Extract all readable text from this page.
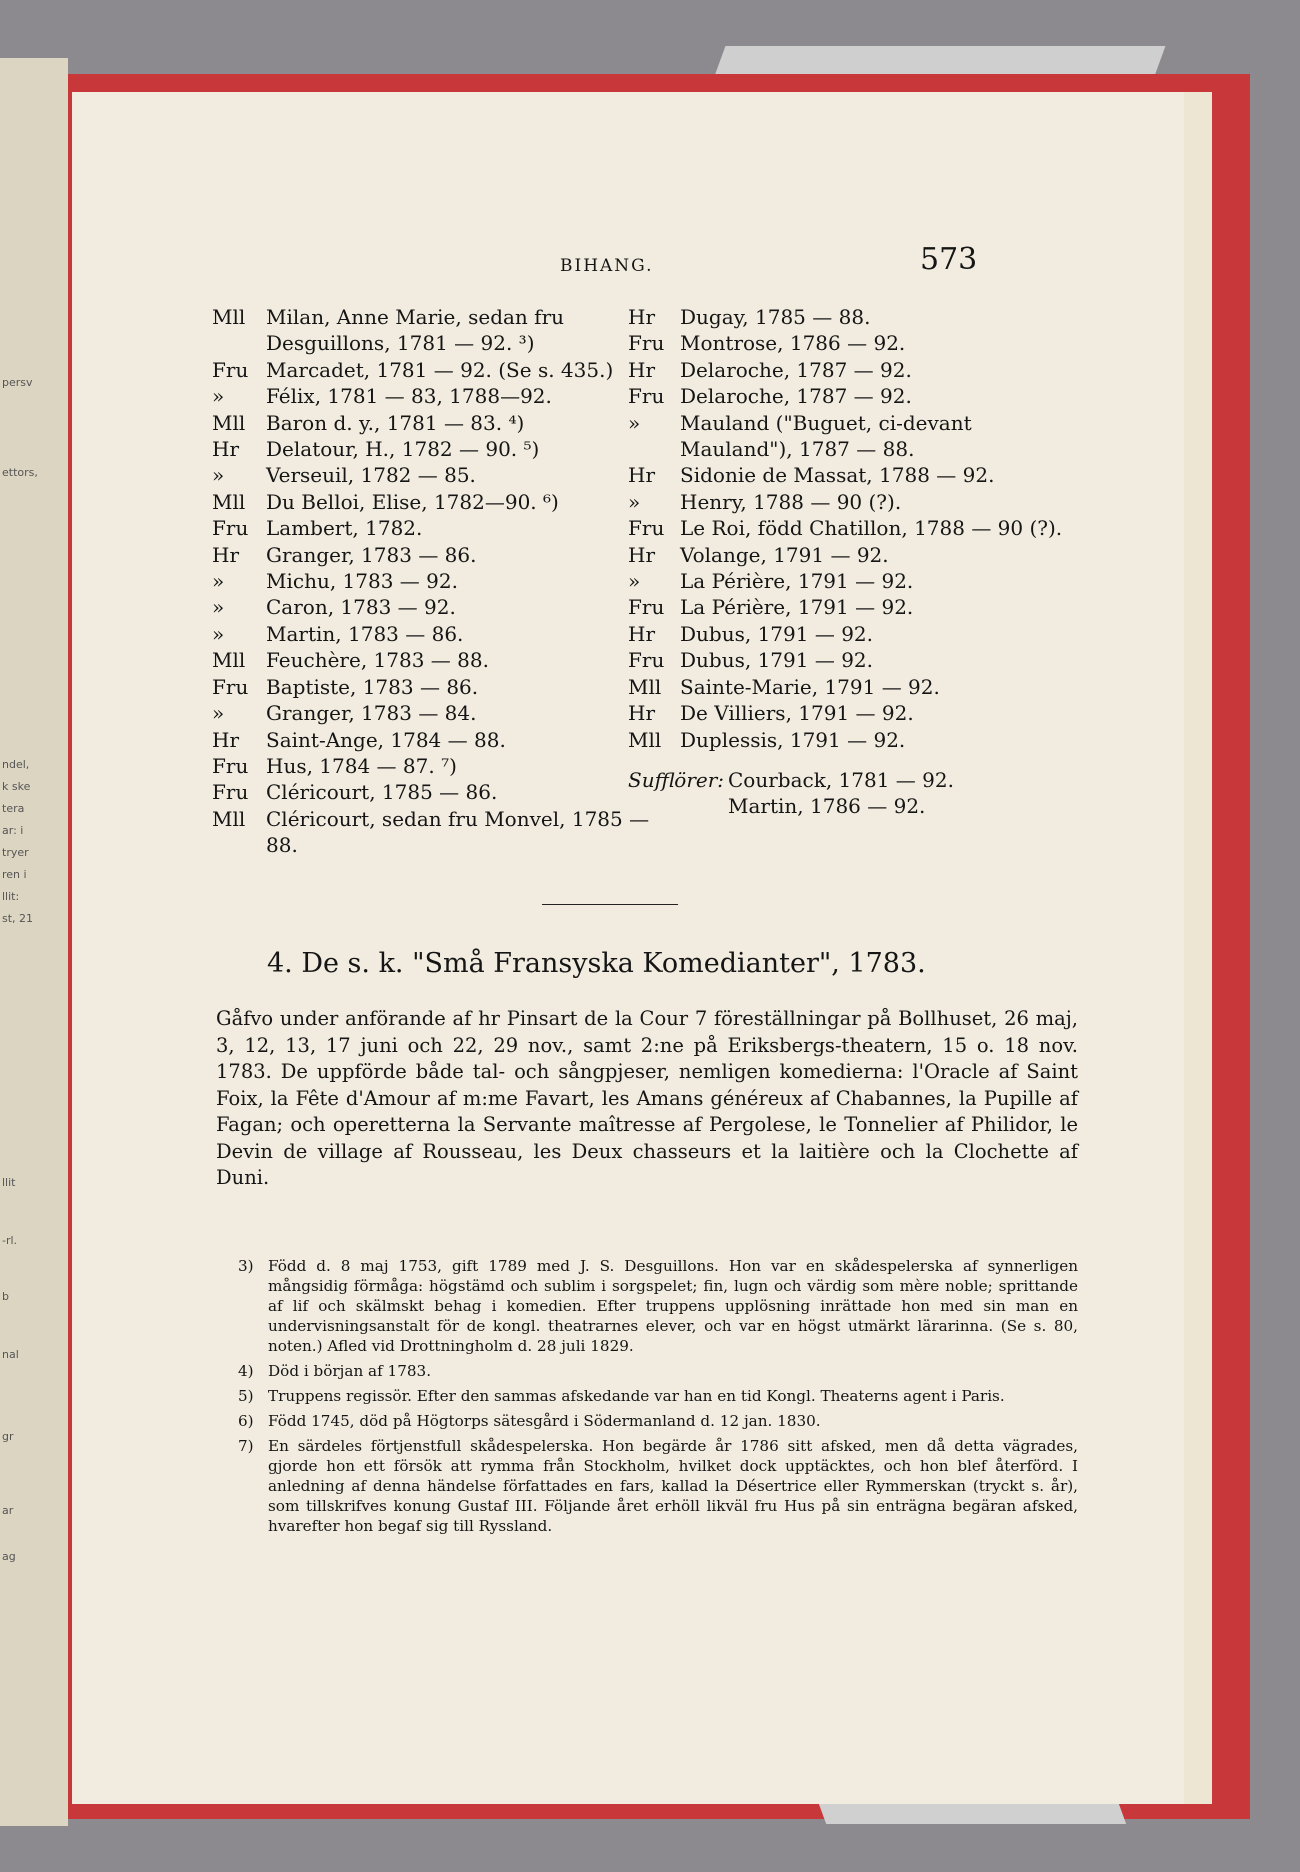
persv
ettors,
ndel,
k ske
tera
ar: i
tryer
ren i
llit:
st, 21
llit
-rl.
b
nal
gr
ar
ag
BIHANG.	573
Mll	Milan, Anne Marie, sedan fru Desguillons, 1781 — 92. ³)
Fru Marcadet, 1781 — 92. (Se s. 435.)
»	Félix, 1781 — 83, 1788—92.
Mll	Baron d. y., 1781 — 83. ⁴)
Hr	Delatour, H., 1782 — 90. ⁵)
»	Verseuil, 1782 — 85.
Mll	Du Belloi, Elise, 1782—90. ⁶)
Fru Lambert, 1782.
Hr	Granger, 1783 — 86.
»	Michu, 1783 — 92.
»	Caron, 1783 — 92.
»	Martin, 1783 — 86.
Mll	Feuchère, 1783 — 88.
Fru Baptiste, 1783 — 86.
»	Granger, 1783 — 84.
Hr	Saint-Ange, 1784 — 88.
Fru Hus, 1784 — 87. ⁷)
Fru Cléricourt, 1785 — 86.
Mll	Cléricourt, sedan fru Monvel, 1785 — 88.
Hr	Dugay, 1785 — 88.
Fru Montrose, 1786 — 92.
Hr	Delaroche, 1787 — 92.
Fru Delaroche, 1787 — 92.
»	Mauland ("Buguet, ci-devant Mauland"), 1787 — 88.
Hr	Sidonie de Massat, 1788 — 92.
»	Henry, 1788 — 90 (?).
Fru Le Roi, född Chatillon, 1788 — 90 (?).
Hr	Volange, 1791 — 92.
»	La Périère, 1791 — 92.
Fru La Périère, 1791 — 92.
Hr	Dubus, 1791 — 92.
Fru Dubus, 1791 — 92.
Mll Sainte-Marie, 1791 — 92.
Hr	De Villiers, 1791 — 92.
Mll Duplessis, 1791 — 92.
Sufflörer: Courback, 1781 — 92.
Martin, 1786 — 92.
4. De s. k. "Små Fransyska Komedianter", 1783.
Gåfvo under anförande af hr Pinsart de la Cour 7 föreställningar på Bollhuset, 26 maj, 3, 12, 13, 17 juni och 22, 29 nov., samt 2:ne på Eriksbergs-theatern, 15 o. 18 nov. 1783. De uppförde både tal- och sångpjeser, nemligen komedierna: l'Oracle af Saint Foix, la Fête d'Amour af m:me Favart, les Amans généreux af Chabannes, la Pupille af Fagan; och operetterna la Servante maîtresse af Pergolese, le Tonnelier af Philidor, le Devin de village af Rousseau, les Deux chasseurs et la laitière och la Clochette af Duni.
3) Född d. 8 maj 1753, gift 1789 med J. S. Desguillons. Hon var en skådespelerska af synnerligen mångsidig förmåga: högstämd och sublim i sorgspelet; fin, lugn och värdig som mère noble; sprittande af lif och skälmskt behag i komedien. Efter truppens upplösning inrättade hon med sin man en undervisningsanstalt för de kongl. theatrarnes elever, och var en högst utmärkt lärarinna. (Se s. 80, noten.) Afled vid Drottningholm d. 28 juli 1829.
4) Död i början af 1783.
5) Truppens regissör. Efter den sammas afskedande var han en tid Kongl. Theaterns agent i Paris.
6) Född 1745, död på Högtorps sätesgård i Södermanland d. 12 jan. 1830.
7) En särdeles förtjenstfull skådespelerska. Hon begärde år 1786 sitt afsked, men då detta vägrades, gjorde hon ett försök att rymma från Stockholm, hvilket dock upptäcktes, och hon blef återförd. I anledning af denna händelse författades en fars, kallad la Désertrice eller Rymmerskan (tryckt s. år), som tillskrifves konung Gustaf III. Följande året erhöll likväl fru Hus på sin enträgna begäran afsked, hvarefter hon begaf sig till Ryssland.
